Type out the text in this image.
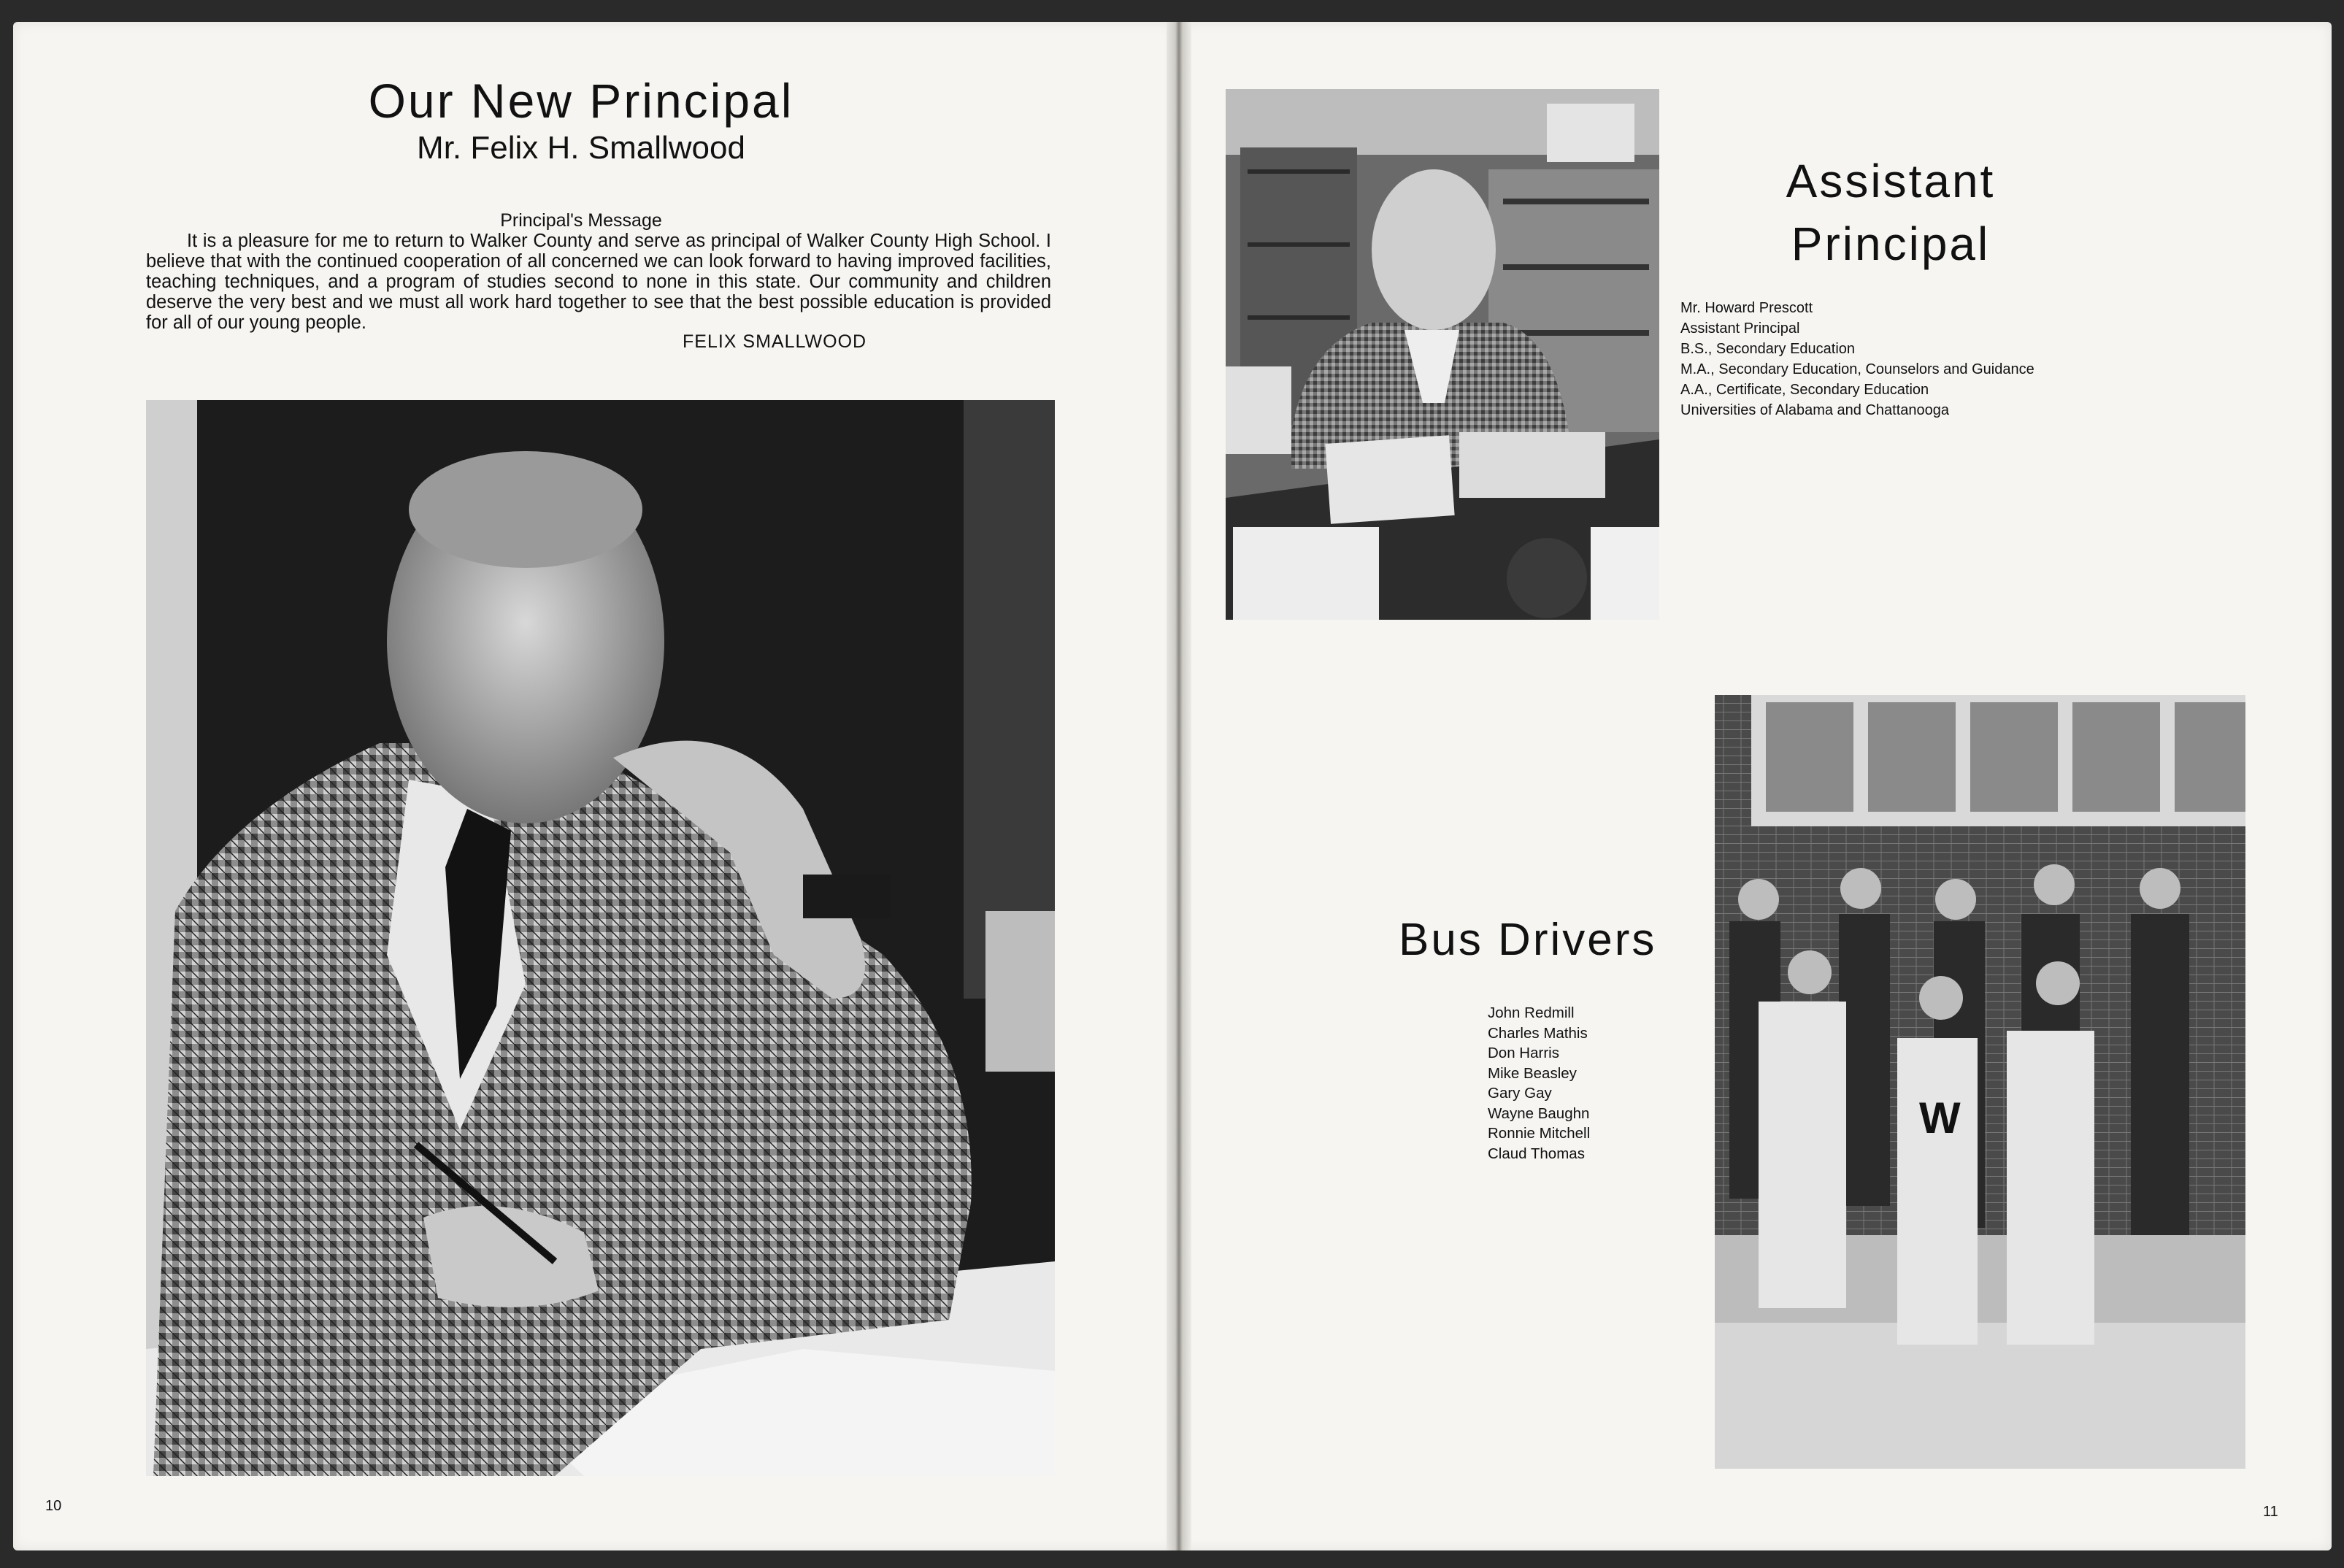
Our New Principal
Mr. Felix H. Smallwood
Principal's Message
It is a pleasure for me to return to Walker County and serve as principal of Walker County High School. I believe that with the continued cooperation of all concerned we can look forward to having improved facilities, teaching techniques, and a program of studies second to none in this state. Our community and children deserve the very best and we must all work hard together to see that the best possible education is provided for all of our young people.
FELIX SMALLWOOD
10
Assistant
Principal
Mr. Howard Prescott
Assistant Principal
B.S., Secondary Education
M.A., Secondary Education, Counselors and Guidance
A.A., Certificate, Secondary Education
Universities of Alabama and Chattanooga
Bus Drivers
John Redmill
Charles Mathis
Don Harris
Mike Beasley
Gary Gay
Wayne Baughn
Ronnie Mitchell
Claud Thomas
W
11
